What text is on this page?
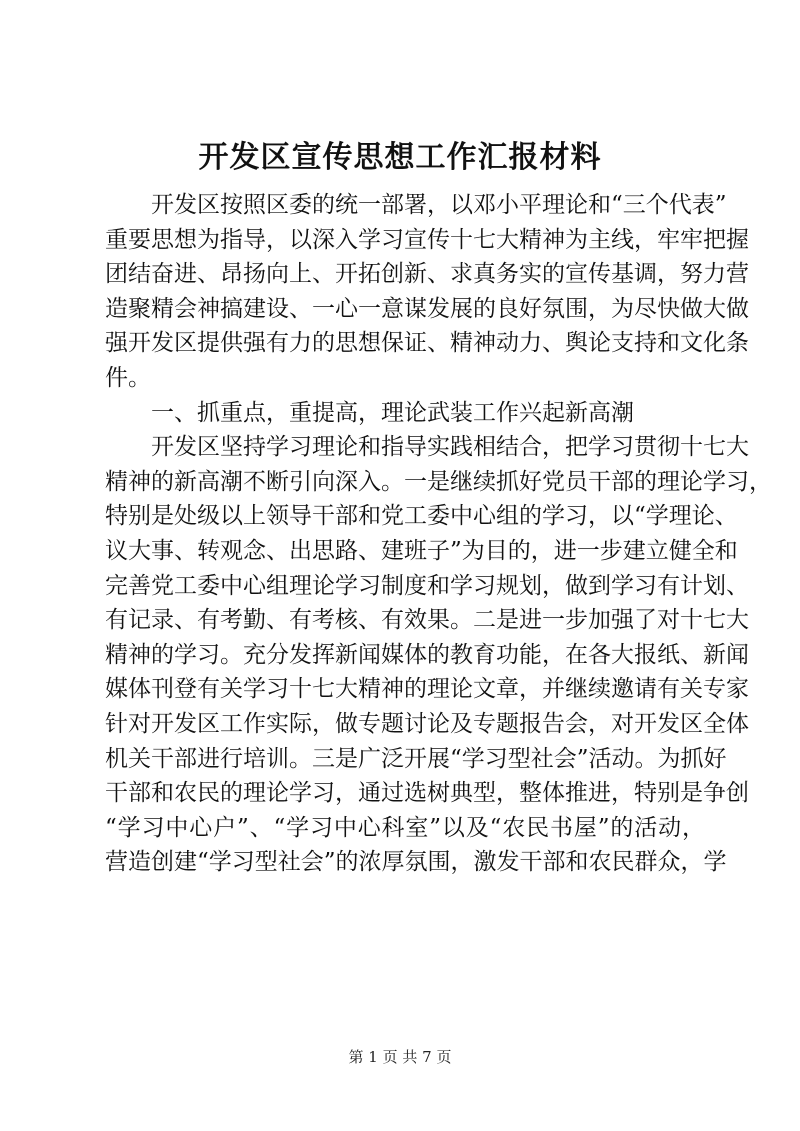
开发区宣传思想工作汇报材料
开发区按照区委的统一部署，以邓小平理论和“三个代表”
重要思想为指导，以深入学习宣传十七大精神为主线，牢牢把握
团结奋进、昂扬向上、开拓创新、求真务实的宣传基调，努力营
造聚精会神搞建设、一心一意谋发展的良好氛围，为尽快做大做
强开发区提供强有力的思想保证、精神动力、舆论支持和文化条
件。
一、抓重点，重提高，理论武装工作兴起新高潮
开发区坚持学习理论和指导实践相结合，把学习贯彻十七大
精神的新高潮不断引向深入。一是继续抓好党员干部的理论学习，
特别是处级以上领导干部和党工委中心组的学习，以“学理论、
议大事、转观念、出思路、建班子”为目的，进一步建立健全和
完善党工委中心组理论学习制度和学习规划，做到学习有计划、
有记录、有考勤、有考核、有效果。二是进一步加强了对十七大
精神的学习。充分发挥新闻媒体的教育功能，在各大报纸、新闻
媒体刊登有关学习十七大精神的理论文章，并继续邀请有关专家
针对开发区工作实际，做专题讨论及专题报告会，对开发区全体
机关干部进行培训。三是广泛开展“学习型社会”活动。为抓好
干部和农民的理论学习，通过选树典型，整体推进，特别是争创
“学习中心户”、“学习中心科室”以及“农民书屋”的活动，
营造创建“学习型社会”的浓厚氛围，激发干部和农民群众，学
第 1 页 共 7 页
